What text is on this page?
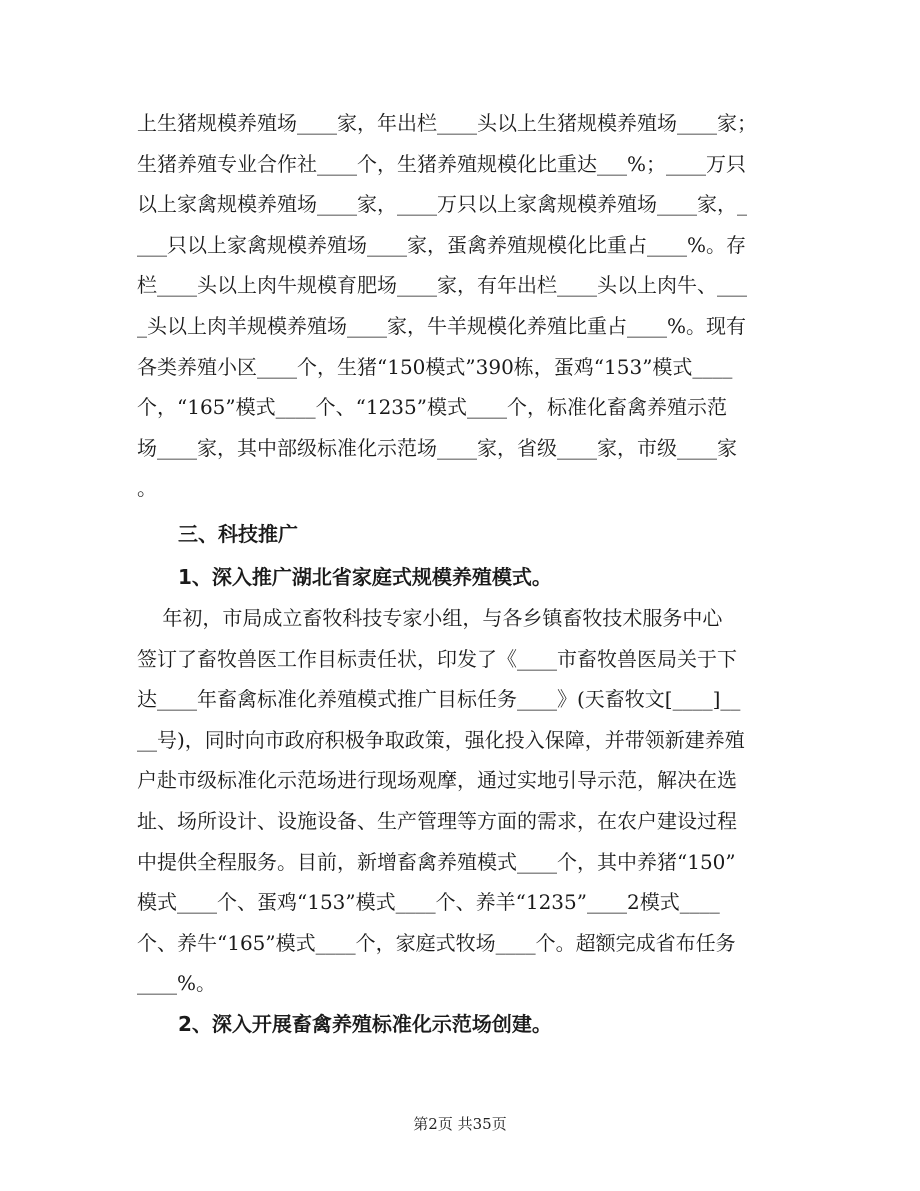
上生猪规模养殖场____家，年出栏____头以上生猪规模养殖场____家；
生猪养殖专业合作社____个，生猪养殖规模化比重达___%；____万只
以上家禽规模养殖场____家，____万只以上家禽规模养殖场____家，_
___只以上家禽规模养殖场____家，蛋禽养殖规模化比重占____%。存
栏____头以上肉牛规模育肥场____家，有年出栏____头以上肉牛、___
_头以上肉羊规模养殖场____家，牛羊规模化养殖比重占____%。现有
各类养殖小区____个，生猪“150模式”390栋，蛋鸡“153”模式____
个，“165”模式____个、“1235”模式____个，标准化畜禽养殖示范
场____家，其中部级标准化示范场____家，省级____家，市级____家
。
三、科技推广
1、深入推广湖北省家庭式规模养殖模式。
年初，市局成立畜牧科技专家小组，与各乡镇畜牧技术服务中心
签订了畜牧兽医工作目标责任状，印发了《____市畜牧兽医局关于下
达____年畜禽标准化养殖模式推广目标任务____》(天畜牧文[____]__
__号)，同时向市政府积极争取政策，强化投入保障，并带领新建养殖
户赴市级标准化示范场进行现场观摩，通过实地引导示范，解决在选
址、场所设计、设施设备、生产管理等方面的需求，在农户建设过程
中提供全程服务。目前，新增畜禽养殖模式____个，其中养猪“150”
模式____个、蛋鸡“153”模式____个、养羊“1235”____2模式____
个、养牛“165”模式____个，家庭式牧场____个。超额完成省布任务
____%。
2、深入开展畜禽养殖标准化示范场创建。
第2页 共35页
